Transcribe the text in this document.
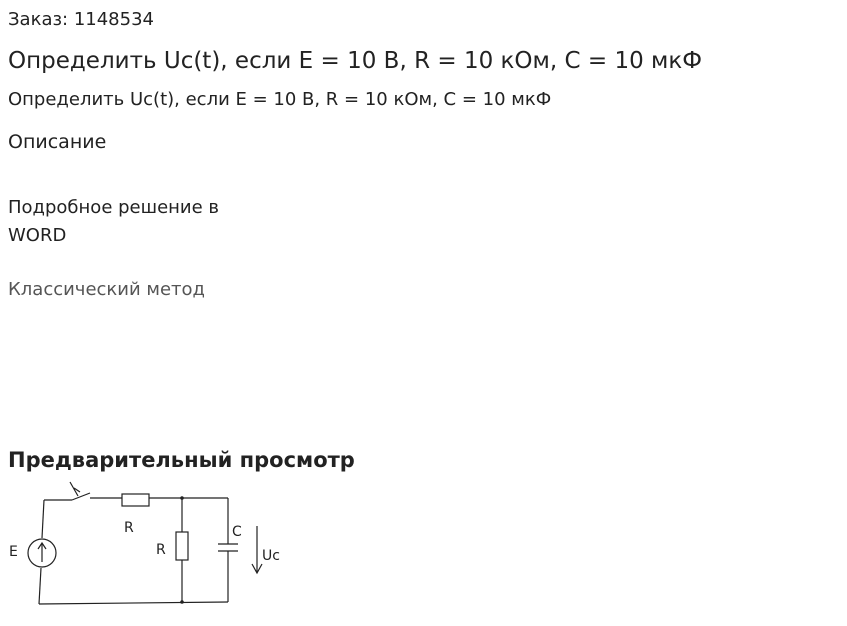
Заказ: 1148534
Определить Uc(t), если E = 10 В, R = 10 кОм, C = 10 мкФ
Определить Uc(t), если E = 10 В, R = 10 кОм, C = 10 мкФ
Описание
Подробное решение в WORD
Классический метод
Предварительный просмотр
E
R
R
C
Uc
